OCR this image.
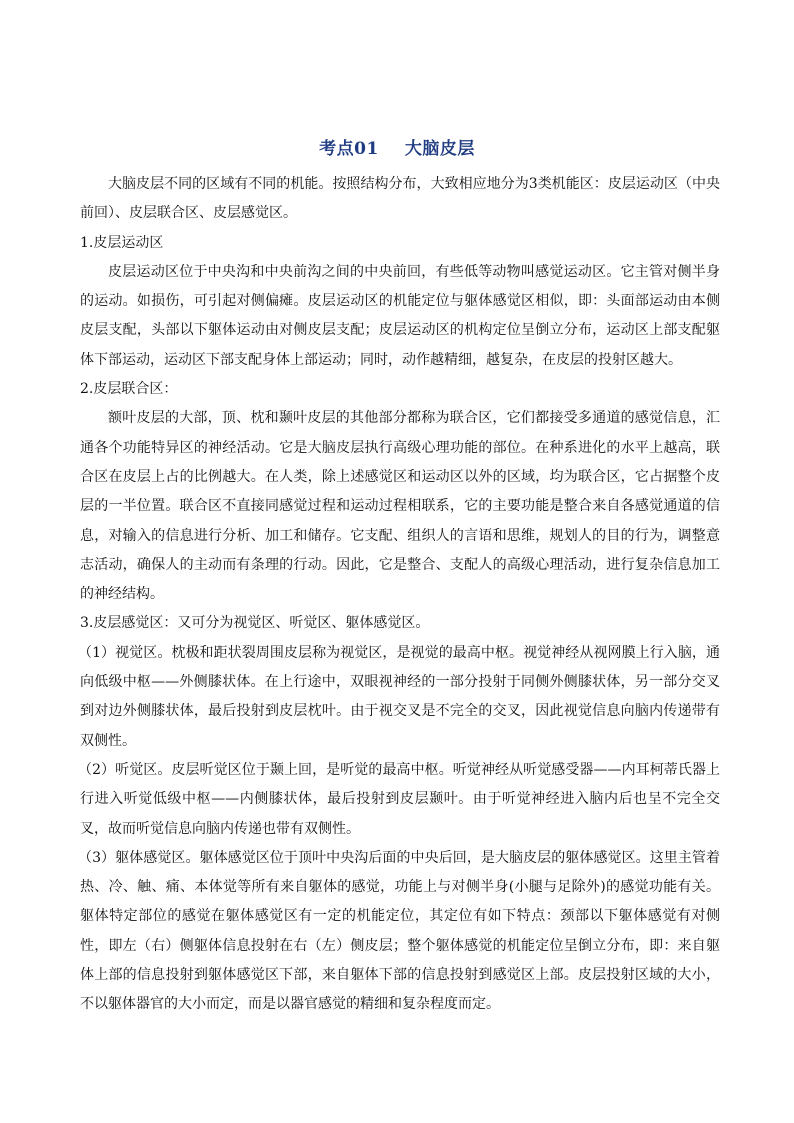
考点01 大脑皮层

大脑皮层不同的区域有不同的机能。按照结构分布，大致相应地分为3类机能区：皮层运动区（中央前回）、皮层联合区、皮层感觉区。

1.皮层运动区

皮层运动区位于中央沟和中央前沟之间的中央前回，有些低等动物叫感觉运动区。它主管对侧半身的运动。如损伤，可引起对侧偏瘫。皮层运动区的机能定位与躯体感觉区相似，即：头面部运动由本侧皮层支配，头部以下躯体运动由对侧皮层支配；皮层运动区的机构定位呈倒立分布，运动区上部支配躯体下部运动，运动区下部支配身体上部运动；同时，动作越精细，越复杂，在皮层的投射区越大。

2.皮层联合区：

额叶皮层的大部，顶、枕和颞叶皮层的其他部分都称为联合区，它们都接受多通道的感觉信息，汇通各个功能特异区的神经活动。它是大脑皮层执行高级心理功能的部位。在种系进化的水平上越高，联合区在皮层上占的比例越大。在人类，除上述感觉区和运动区以外的区域，均为联合区，它占据整个皮层的一半位置。联合区不直接同感觉过程和运动过程相联系，它的主要功能是整合来自各感觉通道的信息，对输入的信息进行分析、加工和储存。它支配、组织人的言语和思维，规划人的目的行为，调整意志活动，确保人的主动而有条理的行动。因此，它是整合、支配人的高级心理活动，进行复杂信息加工的神经结构。

3.皮层感觉区：又可分为视觉区、听觉区、躯体感觉区。

（1）视觉区。枕极和距状裂周围皮层称为视觉区，是视觉的最高中枢。视觉神经从视网膜上行入脑，通向低级中枢——外侧膝状体。在上行途中，双眼视神经的一部分投射于同侧外侧膝状体，另一部分交叉到对边外侧膝状体，最后投射到皮层枕叶。由于视交叉是不完全的交叉，因此视觉信息向脑内传递带有双侧性。

（2）听觉区。皮层听觉区位于颞上回，是听觉的最高中枢。听觉神经从听觉感受器——内耳柯蒂氏器上行进入听觉低级中枢——内侧膝状体，最后投射到皮层颞叶。由于听觉神经进入脑内后也呈不完全交叉，故而听觉信息向脑内传递也带有双侧性。

（3）躯体感觉区。躯体感觉区位于顶叶中央沟后面的中央后回，是大脑皮层的躯体感觉区。这里主管着热、冷、触、痛、本体觉等所有来自躯体的感觉，功能上与对侧半身(小腿与足除外)的感觉功能有关。躯体特定部位的感觉在躯体感觉区有一定的机能定位，其定位有如下特点：颈部以下躯体感觉有对侧性，即左（右）侧躯体信息投射在右（左）侧皮层；整个躯体感觉的机能定位呈倒立分布，即：来自躯体上部的信息投射到躯体感觉区下部，来自躯体下部的信息投射到感觉区上部。皮层投射区域的大小，不以躯体器官的大小而定，而是以器官感觉的精细和复杂程度而定。
